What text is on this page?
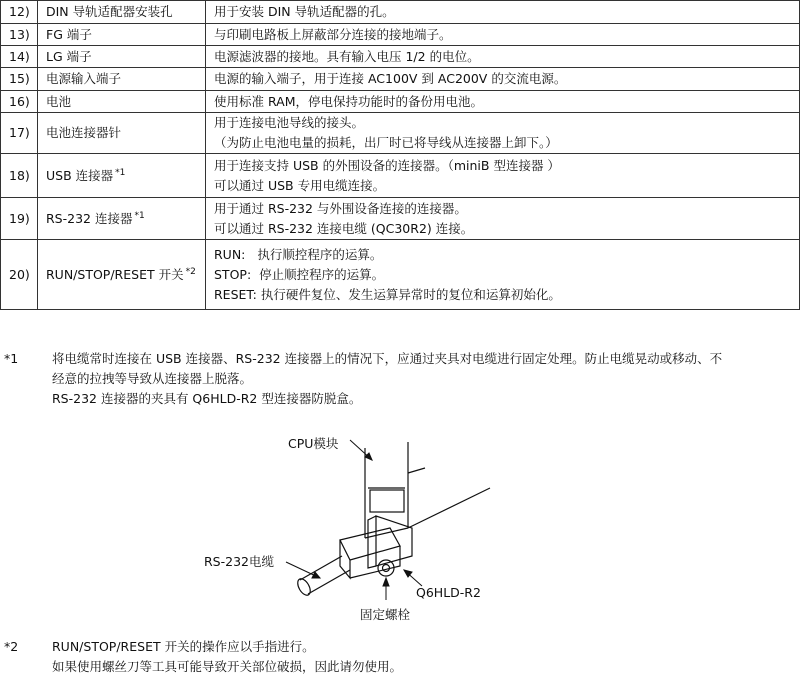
12)	DIN 导轨适配器安装孔	用于安装 DIN 导轨适配器的孔。

13)	FG 端子	与印刷电路板上屏蔽部分连接的接地端子。

14)	LG 端子	电源滤波器的接地。具有输入电压 1/2 的电位。

15)	电源输入端子	电源的输入端子，用于连接 AC100V 到 AC200V 的交流电源。

16)	电池	使用标准 RAM，停电保持功能时的备份用电池。

17)	电池连接器针	用于连接电池导线的接头。
（为防止电池电量的损耗，出厂时已将导线从连接器上卸下。）

18)	USB 连接器 $^{*1}$	用于连接支持 USB 的外围设备的连接器。（miniB 型连接器 ）
可以通过 USB 专用电缆连接。

19)	RS-232 连接器 $^{*1}$	用于通过 RS-232 与外围设备连接的连接器。
可以通过 RS-232 连接电缆 (QC30R2) 连接。

20)	RUN/STOP/RESET 开关 $^{*2}$	RUN:   执行顺控程序的运算。
STOP:  停止顺控程序的运算。
RESET: 执行硬件复位、发生运算异常时的复位和运算初始化。
*1	将电缆常时连接在 USB 连接器、RS-232 连接器上的情况下，应通过夹具对电缆进行固定处理。防止电缆晃动或移动、不
经意的拉拽等导致从连接器上脱落。
RS-232 连接器的夹具有 Q6HLD-R2 型连接器防脱盒。
CPU模块
RS-232电缆
Q6HLD-R2
固定螺栓
*2	RUN/STOP/RESET 开关的操作应以手指进行。
如果使用螺丝刀等工具可能导致开关部位破损，因此请勿使用。
